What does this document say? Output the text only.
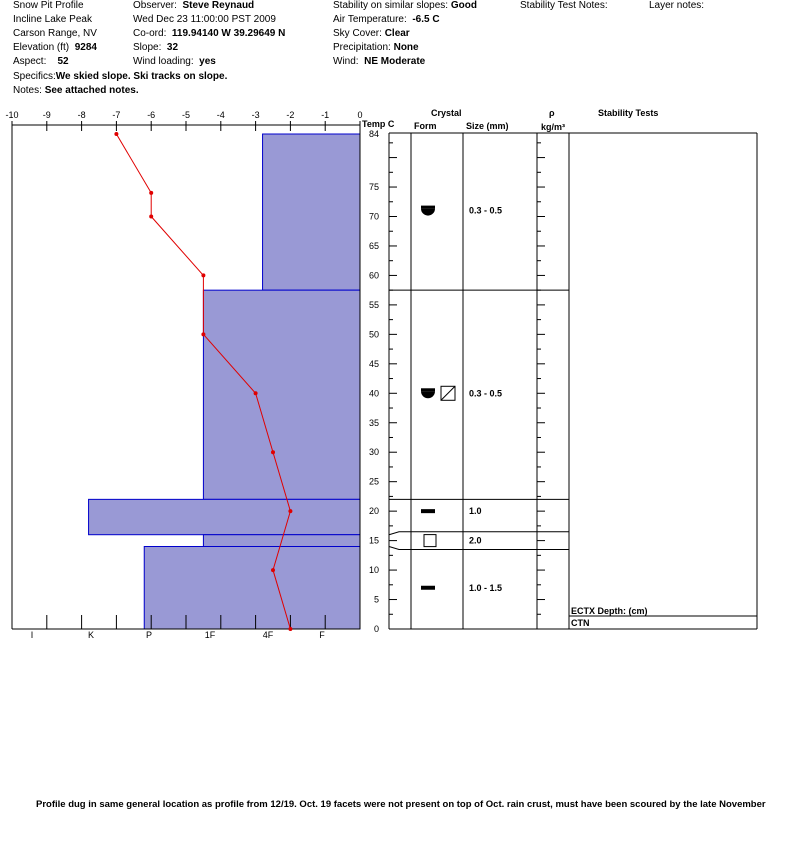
Snow Pit Profile
Incline Lake Peak
Carson Range, NV
Elevation (ft) 9284
Aspect: 52
Observer: Steve Reynaud
Wed Dec 23 11:00:00 PST 2009
Co-ord: 119.94140 W 39.29649 N
Slope: 32
Wind loading: yes
Stability on similar slopes: Good
Air Temperature: -6.5 C
Sky Cover: Clear
Precipitation: None
Wind: NE Moderate
Stability Test Notes:	Layer notes:
Specifics:We skied slope. Ski tracks on slope.
Notes: See attached notes.
-10	-9	-8	-7	-6	-5	-4	-3	-2	-1	0
I	K	P	1F	4F	F
0
5
10
15
20
25
30
35
40
45
50
55
60
65
70
75
84
0.3 - 0.5
0.3 - 0.5
1.0
2.0
1.0 - 1.5
Temp C
Crystal
Form	Size (mm)
ρ
kg/m³
Stability Tests
ECTX Depth: (cm)
CTN
Profile dug in same general location as profile from 12/19. Oct. 19 facets were not present on top of Oct. rain crust, must have been scoured by the late November
